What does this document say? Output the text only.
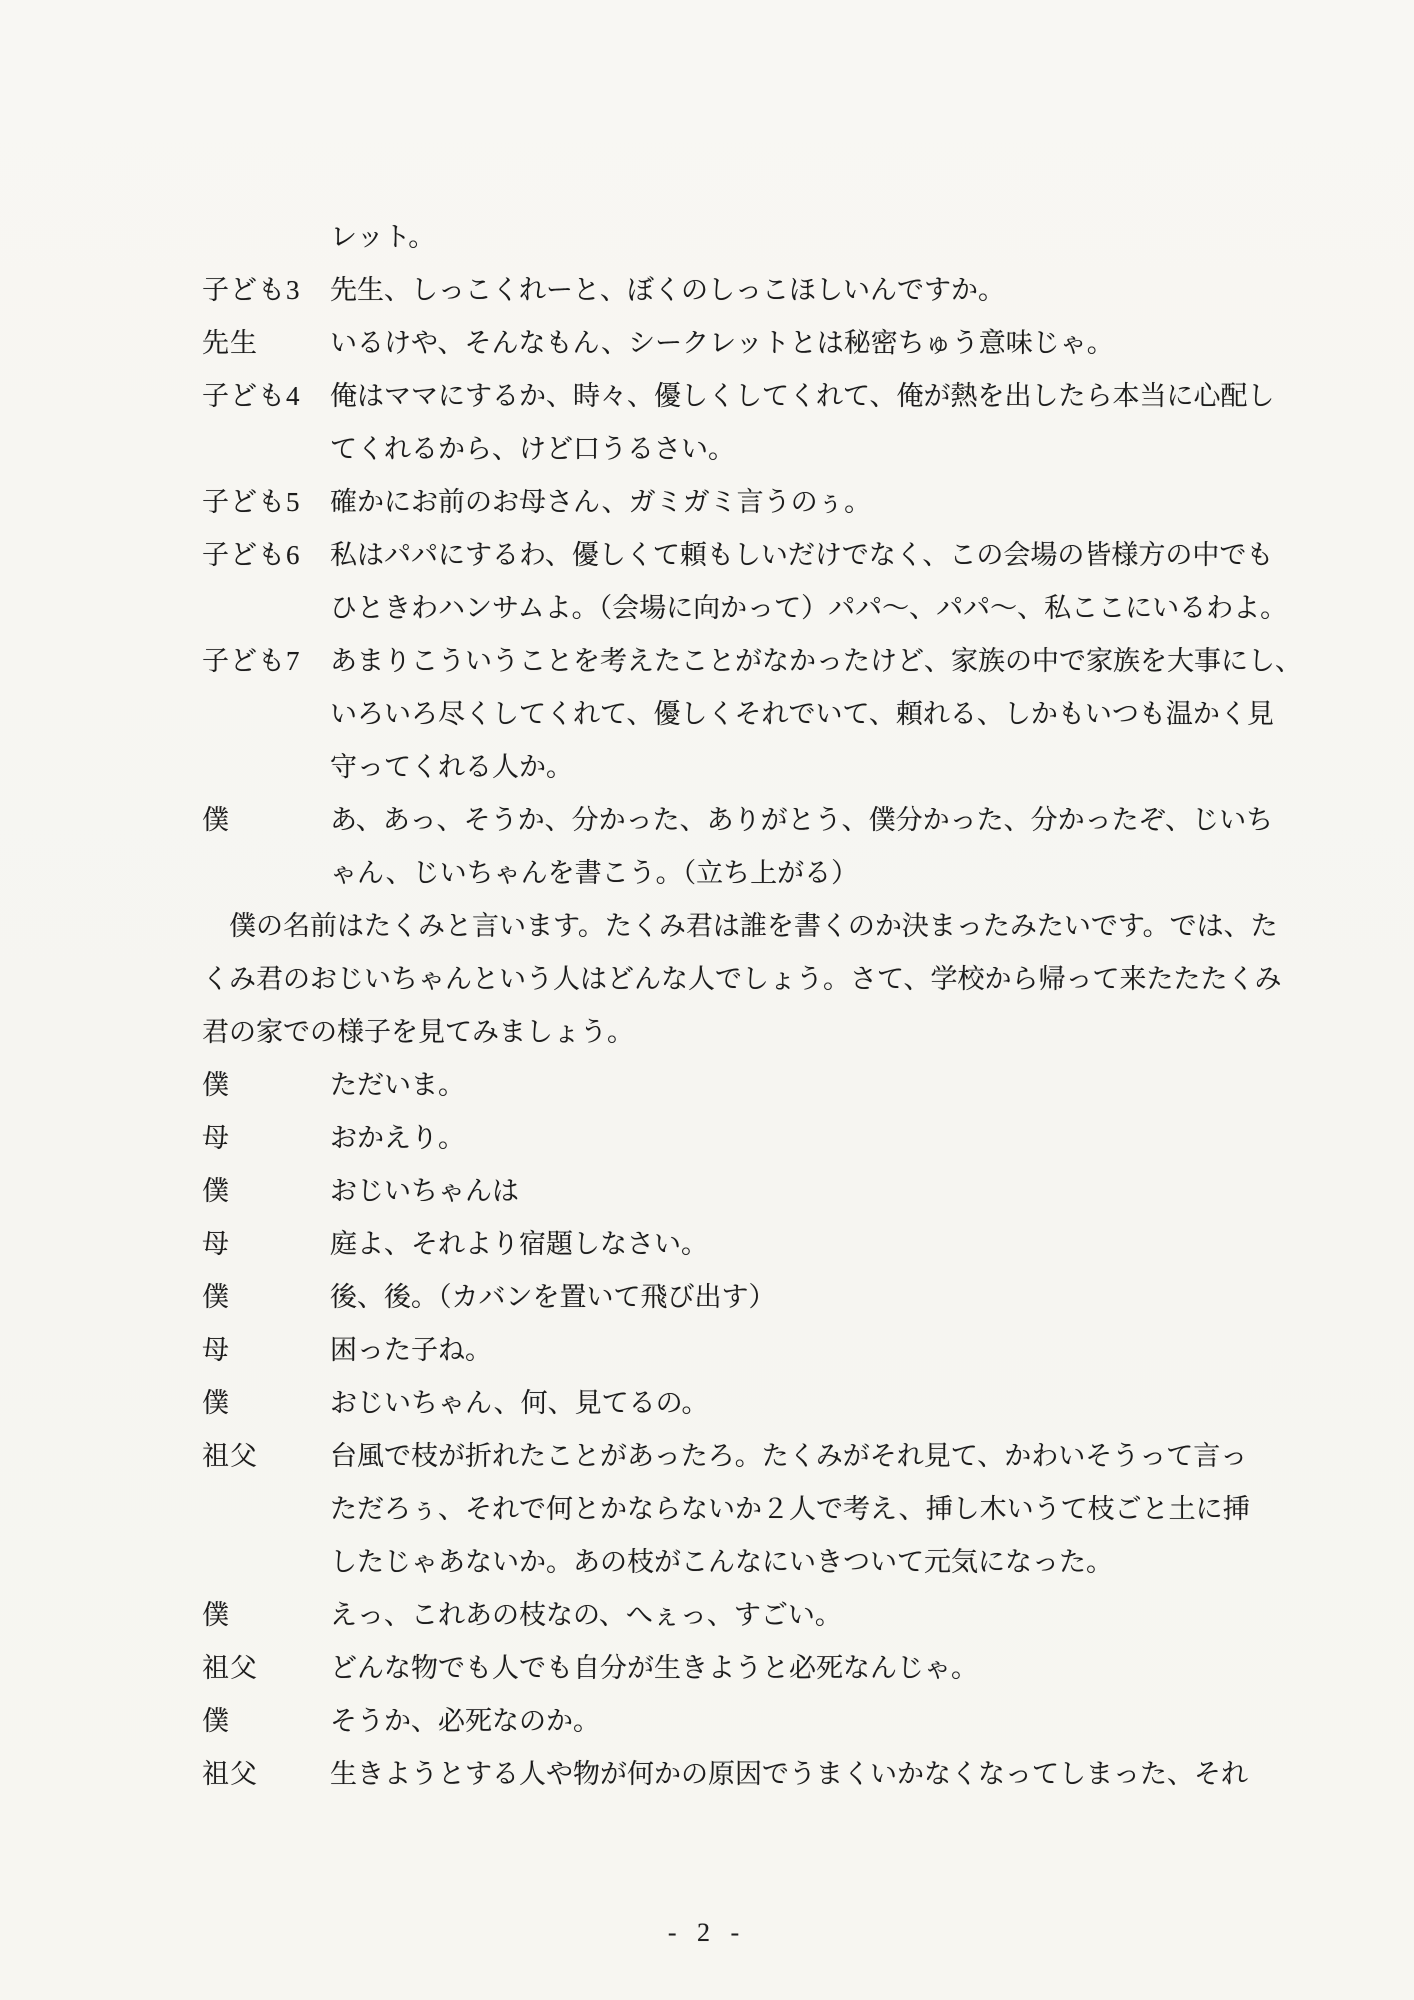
レット。
子ども3	先生、しっこくれーと、ぼくのしっこほしいんですか。
先生	いるけや、そんなもん、シークレットとは秘密ちゅう意味じゃ。
子ども4	俺はママにするか、時々、優しくしてくれて、俺が熱を出したら本当に心配し
てくれるから、けど口うるさい。
子ども5	確かにお前のお母さん、ガミガミ言うのぅ。
子ども6	私はパパにするわ、優しくて頼もしいだけでなく、この会場の皆様方の中でも
ひときわハンサムよ。（会場に向かって）パパ～、パパ～、私ここにいるわよ。
子ども7	あまりこういうことを考えたことがなかったけど、家族の中で家族を大事にし、
いろいろ尽くしてくれて、優しくそれでいて、頼れる、しかもいつも温かく見
守ってくれる人か。
僕	あ、あっ、そうか、分かった、ありがとう、僕分かった、分かったぞ、じいち
ゃん、じいちゃんを書こう。（立ち上がる）
僕の名前はたくみと言います。たくみ君は誰を書くのか決まったみたいです。では、た
くみ君のおじいちゃんという人はどんな人でしょう。さて、学校から帰って来たたたくみ
君の家での様子を見てみましょう。
僕	ただいま。
母	おかえり。
僕	おじいちゃんは
母	庭よ、それより宿題しなさい。
僕	後、後。（カバンを置いて飛び出す）
母	困った子ね。
僕	おじいちゃん、何、見てるの。
祖父	台風で枝が折れたことがあったろ。たくみがそれ見て、かわいそうって言っ
ただろぅ、それで何とかならないか２人で考え、挿し木いうて枝ごと土に挿
したじゃあないか。あの枝がこんなにいきついて元気になった。
僕	えっ、これあの枝なの、へぇっ、すごい。
祖父	どんな物でも人でも自分が生きようと必死なんじゃ。
僕	そうか、必死なのか。
祖父	生きようとする人や物が何かの原因でうまくいかなくなってしまった、それ
- 2 -
